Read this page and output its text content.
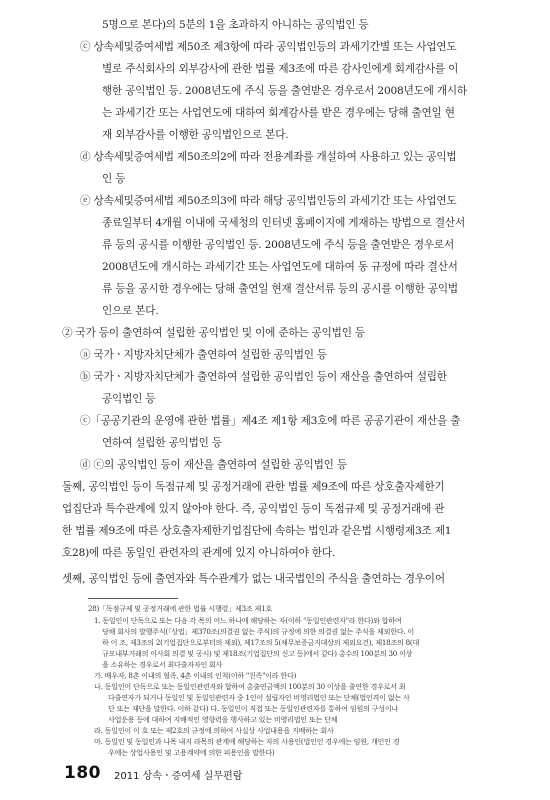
5명으로 본다)의 5분의 1을 초과하지 아니하는 공익법인 등
ⓒ 상속세및증여세법 제50조 제3항에 따라 공익법인등의 과세기간별 또는 사업연도
별로 주식회사의 외부감사에 관한 법률 제3조에 따른 감사인에게 회계감사를 이
행한 공익법인 등. 2008년도에 주식 등을 출연받은 경우로서 2008년도에 개시하
는 과세기간 또는 사업연도에 대하여 회계감사를 받은 경우에는 당해 출연일 현
재 외부감사를 이행한 공익법인으로 본다.
ⓓ 상속세및증여세법 제50조의2에 따라 전용계좌를 개설하여 사용하고 있는 공익법
인 등
ⓔ 상속세및증여세법 제50조의3에 따라 해당 공익법인등의 과세기간 또는 사업연도
종료일부터 4개월 이내에 국세청의 인터넷 홈페이지에 게재하는 방법으로 결산서
류 등의 공시를 이행한 공익법인 등. 2008년도에 주식 등을 출연받은 경우로서
2008년도에 개시하는 과세기간 또는 사업연도에 대하여 동 규정에 따라 결산서
류 등을 공시한 경우에는 당해 출연일 현재 결산서류 등의 공시를 이행한 공익법
인으로 본다.
② 국가 등이 출연하여 설립한 공익법인 및 이에 준하는 공익법인 등
ⓐ 국가ㆍ지방자치단체가 출연하여 설립한 공익법인 등
ⓑ 국가ㆍ지방자치단체가 출연하여 설립한 공익법인 등이 재산을 출연하여 설립한
공익법인 등
ⓒ「공공기관의 운영에 관한 법률」제4조 제1항 제3호에 따른 공공기관이 재산을 출
연하여 설립한 공익법인 등
ⓓ ⓒ의 공익법인 등이 재산을 출연하여 설립한 공익법인 등
둘째, 공익법인 등이 독점규제 및 공정거래에 관한 법률 제9조에 따른 상호출자제한기
업집단과 특수관계에 있지 않아야 한다. 즉, 공익법인 등이 독점규제 및 공정거래에 관
한 법률 제9조에 따른 상호출자제한기업집단에 속하는 법인과 같은법 시행령제3조 제1
호28)에 따른 동일인 관련자의 관계에 있지 아니하여야 한다.
셋째, 공익법인 등에 출연자와 특수관계가 없는 내국법인의 주식을 출연하는 경우이어
28)「독점규제 및 공정거래에 관한 법률 시행령」제3조 제1호
1. 동일인이 단독으로 또는 다음 각 목의 어느 하나에 해당하는 자(이하 "동일인관련자"라 한다)와 합하여
당해 회사의 발행주식(「상법」제370조(의결권 없는 주식)의 규정에 의한 의결권 없는 주식을 제외한다. 이
하 이 조, 제3조의 2(기업집단으로부터의 제외), 제17조의 5(채무보증금지대상의 제외요건), 제18조의 8(대
규모내부거래의 이사회 의결 및 공시) 및 제18조(기업집단의 신고 등)에서 같다) 총수의 100분의 30 이상
을 소유하는 경우로서 최다출자자인 회사
가. 배우자, 8촌 이내의 혈족, 4촌 이내의 인척(이하 "친족"이라 한다)
나. 동일인이 단독으로 또는 동일인관련자와 합하여 총출연금액의 100분의 30 이상을 출연한 경우로서 최
다출연자가 되거나 동일인 및 동일인관련자 중 1인이 설립자인 비영리법인 또는 단체(법인격이 없는 사
단 또는 재단을 말한다. 이하 같다) 다. 동일인이 직접 또는 동일인관련자를 통하여 임원의 구성이나
사업운용 등에 대하여 지배적인 영향력을 행사하고 있는 비영리법인 또는 단체
라. 동일인이 이 호 또는 제2호의 규정에 의하여 사실상 사업내용을 지배하는 회사
마. 동일인 및 동일인과 나목 내지 라목의 관계에 해당하는 자의 사용인(법인인 경우에는 임원, 개인인 경
우에는 상업사용인 및 고용계약에 의한 피용인을 말한다)
180 2011 상속ㆍ증여세 실무편람
